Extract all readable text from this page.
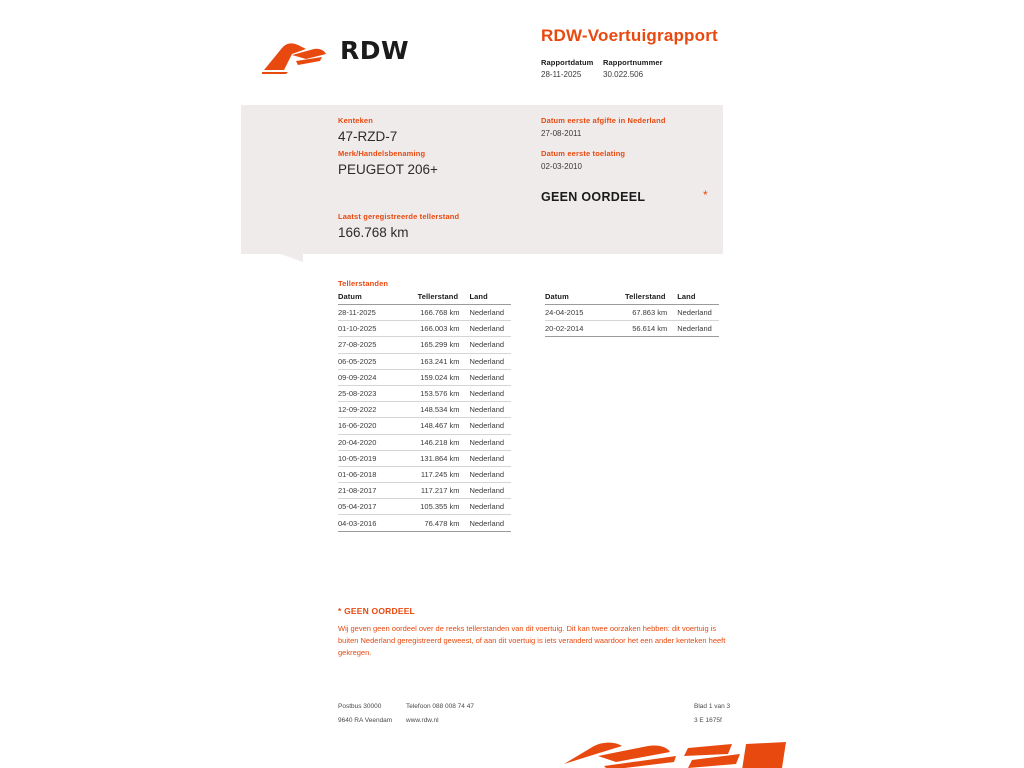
RDW
RDW-Voertuigrapport
Rapportdatum
28-11-2025
Rapportnummer
30.022.506
Kenteken
47-RZD-7
Merk/Handelsbenaming
PEUGEOT 206+
Laatst geregistreerde tellerstand
166.768 km
Datum eerste afgifte in Nederland
27-08-2011
Datum eerste toelating
02-03-2010
GEEN OORDEEL	*
Tellerstanden
Datum	Tellerstand	Land
28-11-2025	166.768 km	Nederland
01-10-2025	166.003 km	Nederland
27-08-2025	165.299 km	Nederland
06-05-2025	163.241 km	Nederland
09-09-2024	159.024 km	Nederland
25-08-2023	153.576 km	Nederland
12-09-2022	148.534 km	Nederland
16-06-2020	148.467 km	Nederland
20-04-2020	146.218 km	Nederland
10-05-2019	131.864 km	Nederland
01-06-2018	117.245 km	Nederland
21-08-2017	117.217 km	Nederland
05-04-2017	105.355 km	Nederland
04-03-2016	76.478 km	Nederland
Datum	Tellerstand	Land
24-04-2015	67.863 km	Nederland
20-02-2014	56.614 km	Nederland
* GEEN OORDEEL
Wij geven geen oordeel over de reeks tellerstanden van dit voertuig. Dit kan twee oorzaken hebben: dit voertuig is buiten Nederland geregistreerd geweest, of aan dit voertuig is iets veranderd waardoor het een ander kenteken heeft gekregen.
Postbus 30000
9640 RA Veendam
Telefoon 088 008 74 47
www.rdw.nl
Blad 1 van 3
3 E 1675f
